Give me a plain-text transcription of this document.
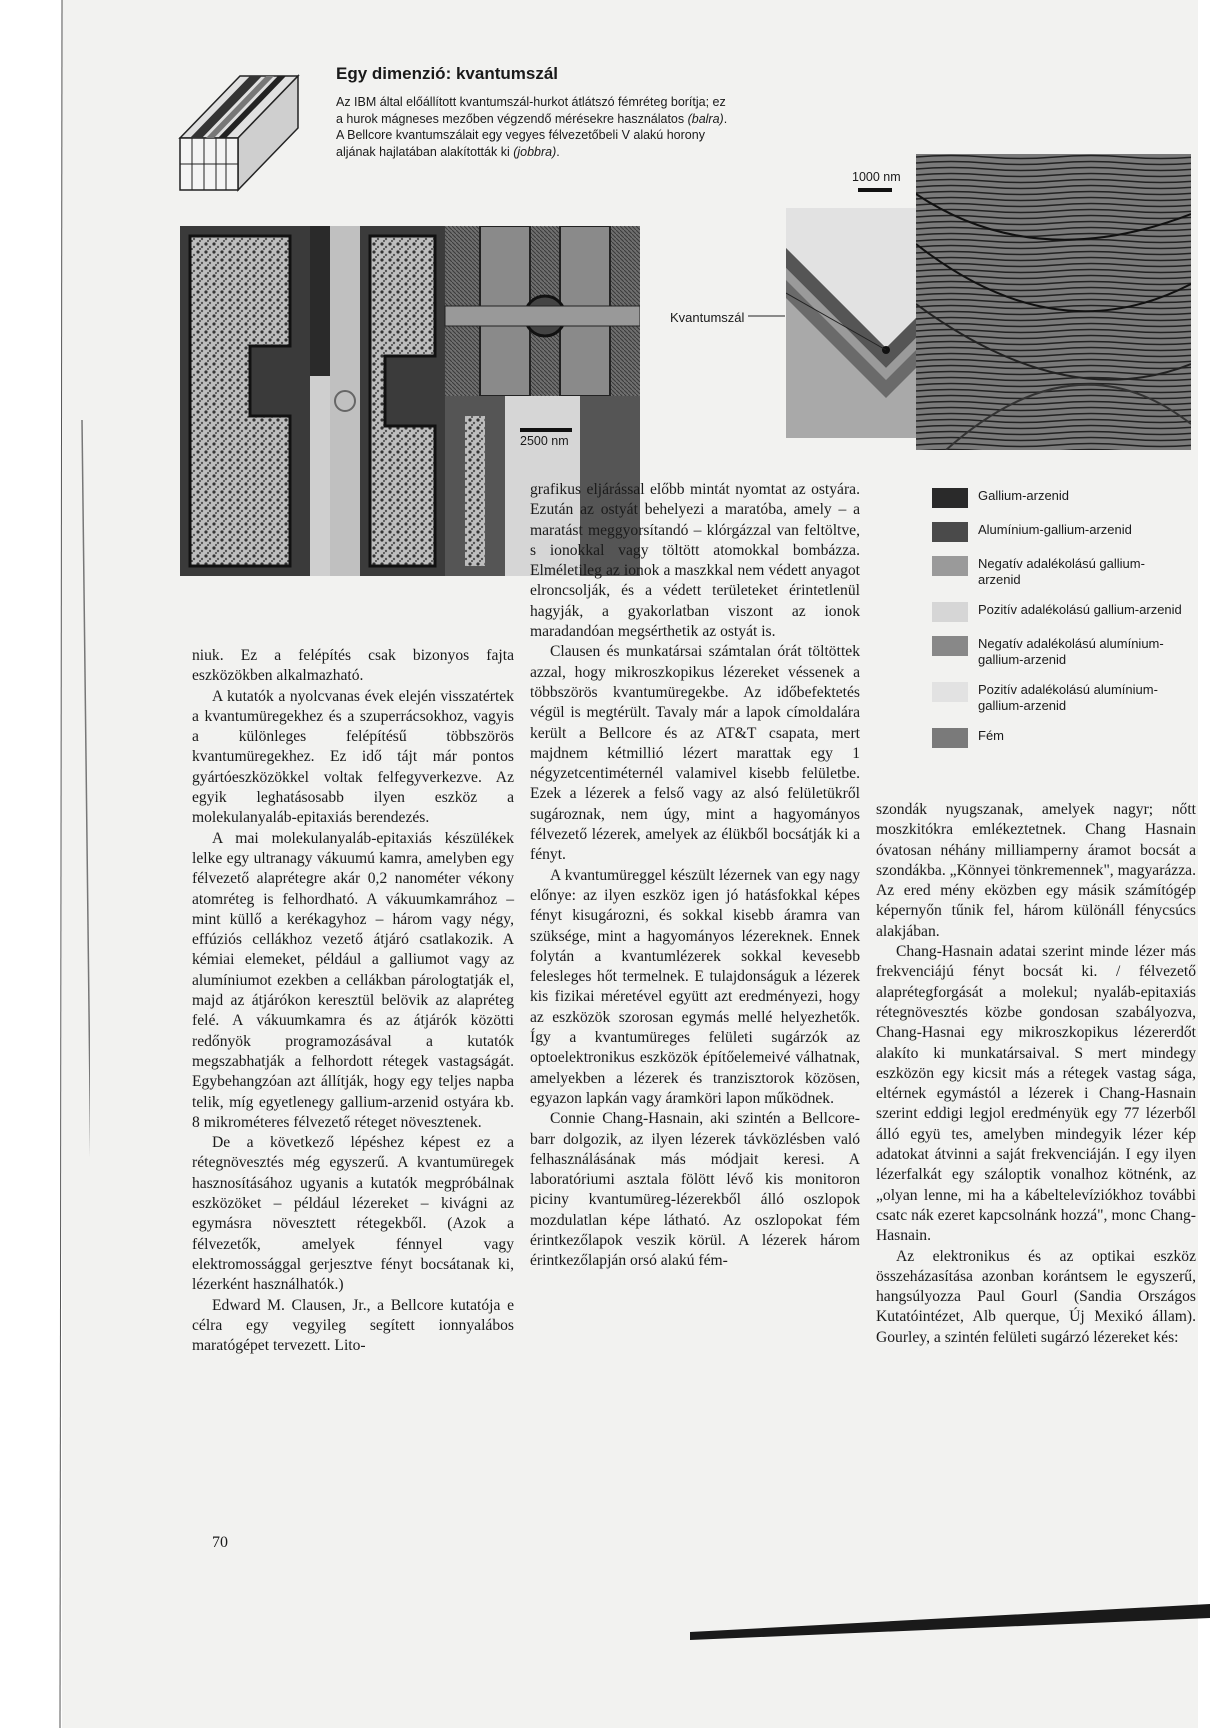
Egy dimenzió: kvantumszál
Az IBM által előállított kvantumszál-hurkot átlátszó fémréteg borítja; ez a hurok mágneses mezőben végzendő mérésekre használatos (balra). A Bellcore kvantumszálait egy vegyes félvezetőbeli V alakú horony aljának hajlatában alakították ki (jobbra).
2500 nm
Kvantumszál
1000 nm
Gallium-arzenid
Alumínium-gallium-arzenid
Negatív adalékolású gallium-arzenid
Pozitív adalékolású gallium-arzenid
Negatív adalékolású alumínium-gallium-arzenid
Pozitív adalékolású alumínium-gallium-arzenid
Fém

niuk. Ez a felépítés csak bizonyos fajta eszközökben alkalmazható.

A kutatók a nyolcvanas évek elején visszatértek a kvantumüregekhez és a szuperrácsokhoz, vagyis a különleges felépítésű többszörös kvantumüregekhez. Ez idő tájt már pontos gyártóeszközökkel voltak felfegyverkezve. Az egyik leghatásosabb ilyen eszköz a molekulanyaláb-epitaxiás berendezés.

A mai molekulanyaláb-epitaxiás készülékek lelke egy ultranagy vákuumú kamra, amelyben egy félvezető alaprétegre akár 0,2 nanométer vékony atomréteg is felhordható. A vákuumkamrához – mint küllő a kerékagyhoz – három vagy négy, effúziós cellákhoz vezető átjáró csatlakozik. A kémiai elemeket, például a galliumot vagy az alumíniumot ezekben a cellákban párologtatják el, majd az átjárókon keresztül belövik az alapréteg felé. A vákuumkamra és az átjárók közötti redőnyök programozásával a kutatók megszabhatják a felhordott rétegek vastagságát. Egybehangzóan azt állítják, hogy egy teljes napba telik, míg egyetlenegy gallium-arzenid ostyára kb. 8 mikrométeres félvezető réteget növesztenek.

De a következő lépéshez képest ez a rétegnövesztés még egyszerű. A kvantumüregek hasznosításához ugyanis a kutatók megpróbálnak eszközöket – például lézereket – kivágni az egymásra növesztett rétegekből. (Azok a félvezetők, amelyek fénnyel vagy elektromossággal gerjesztve fényt bocsátanak ki, lézerként használhatók.)

Edward M. Clausen, Jr., a Bellcore kutatója e célra egy vegyileg segített ionnyalábos maratógépet tervezett. Lito-

grafikus eljárással előbb mintát nyomtat az ostyára. Ezután az ostyát behelyezi a maratóba, amely – a maratást meggyorsítandó – klórgázzal van feltöltve, s ionokkal vagy töltött atomokkal bombázza. Elméletileg az ionok a maszkkal nem védett anyagot elroncsolják, és a védett területeket érintetlenül hagyják, a gyakorlatban viszont az ionok maradandóan megsérthetik az ostyát is.

Clausen és munkatársai számtalan órát töltöttek azzal, hogy mikroszkopikus lézereket véssenek a többszörös kvantumüregekbe. Az időbefektetés végül is megtérült. Tavaly már a lapok címoldalára került a Bellcore és az AT&T csapata, mert majdnem kétmillió lézert marattak egy 1 négyzetcentiméternél valamivel kisebb felületbe. Ezek a lézerek a felső vagy az alsó felületükről sugároznak, nem úgy, mint a hagyományos félvezető lézerek, amelyek az élükből bocsátják ki a fényt.

A kvantumüreggel készült lézernek van egy nagy előnye: az ilyen eszköz igen jó hatásfokkal képes fényt kisugározni, és sokkal kisebb áramra van szüksége, mint a hagyományos lézereknek. Ennek folytán a kvantumlézerek sokkal kevesebb felesleges hőt termelnek. E tulajdonságuk a lézerek kis fizikai méretével együtt azt eredményezi, hogy az eszközök szorosan egymás mellé helyezhetők. Így a kvantumüreges felületi sugárzók az optoelektronikus eszközök építőelemeivé válhatnak, amelyekben a lézerek és tranzisztorok közösen, egyazon lapkán vagy áramköri lapon működnek.

Connie Chang-Hasnain, aki szintén a Bellcore-barr dolgozik, az ilyen lézerek távközlésben való felhasználásának más módjait keresi. A laboratóriumi asztala fölött lévő kis monitoron piciny kvantumüreg-lézerekből álló oszlopok mozdulatlan képe látható. Az oszlopokat fém érintkezőlapok veszik körül. A lézerek három érintkezőlapján orsó alakú fém-

szondák nyugszanak, amelyek nagyr; nőtt moszkitókra emlékeztetnek. Chang Hasnain óvatosan néhány milliamperny áramot bocsát a szondákba. „Könnyei tönkremennek", magyarázza. Az ered mény eközben egy másik számítógép képernyőn tűnik fel, három különáll fénycsúcs alakjában.

Chang-Hasnain adatai szerint minde lézer más frekvenciájú fényt bocsát ki. / félvezető alaprétegforgását a molekul; nyaláb-epitaxiás rétegnövesztés közbe gondosan szabályozva, Chang-Hasnai egy mikroszkopikus lézererdőt alakíto ki munkatársaival. S mert mindegy eszközön egy kicsit más a rétegek vastag sága, eltérnek egymástól a lézerek i Chang-Hasnain szerint eddigi legjol eredményük egy 77 lézerből álló együ tes, amelyben mindegyik lézer kép adatokat átvinni a saját frekvenciáján. I egy ilyen lézerfalkát egy száloptik vonalhoz kötnénk, az „olyan lenne, mi ha a kábeltelevíziókhoz további csatc nák ezeret kapcsolnánk hozzá", monc Chang-Hasnain.

Az elektronikus és az optikai eszköz összeházasítása azonban korántsem le egyszerű, hangsúlyozza Paul Gourl (Sandia Országos Kutatóintézet, Alb querque, Új Mexikó állam). Gourley, a szintén felületi sugárzó lézereket kés:

70
